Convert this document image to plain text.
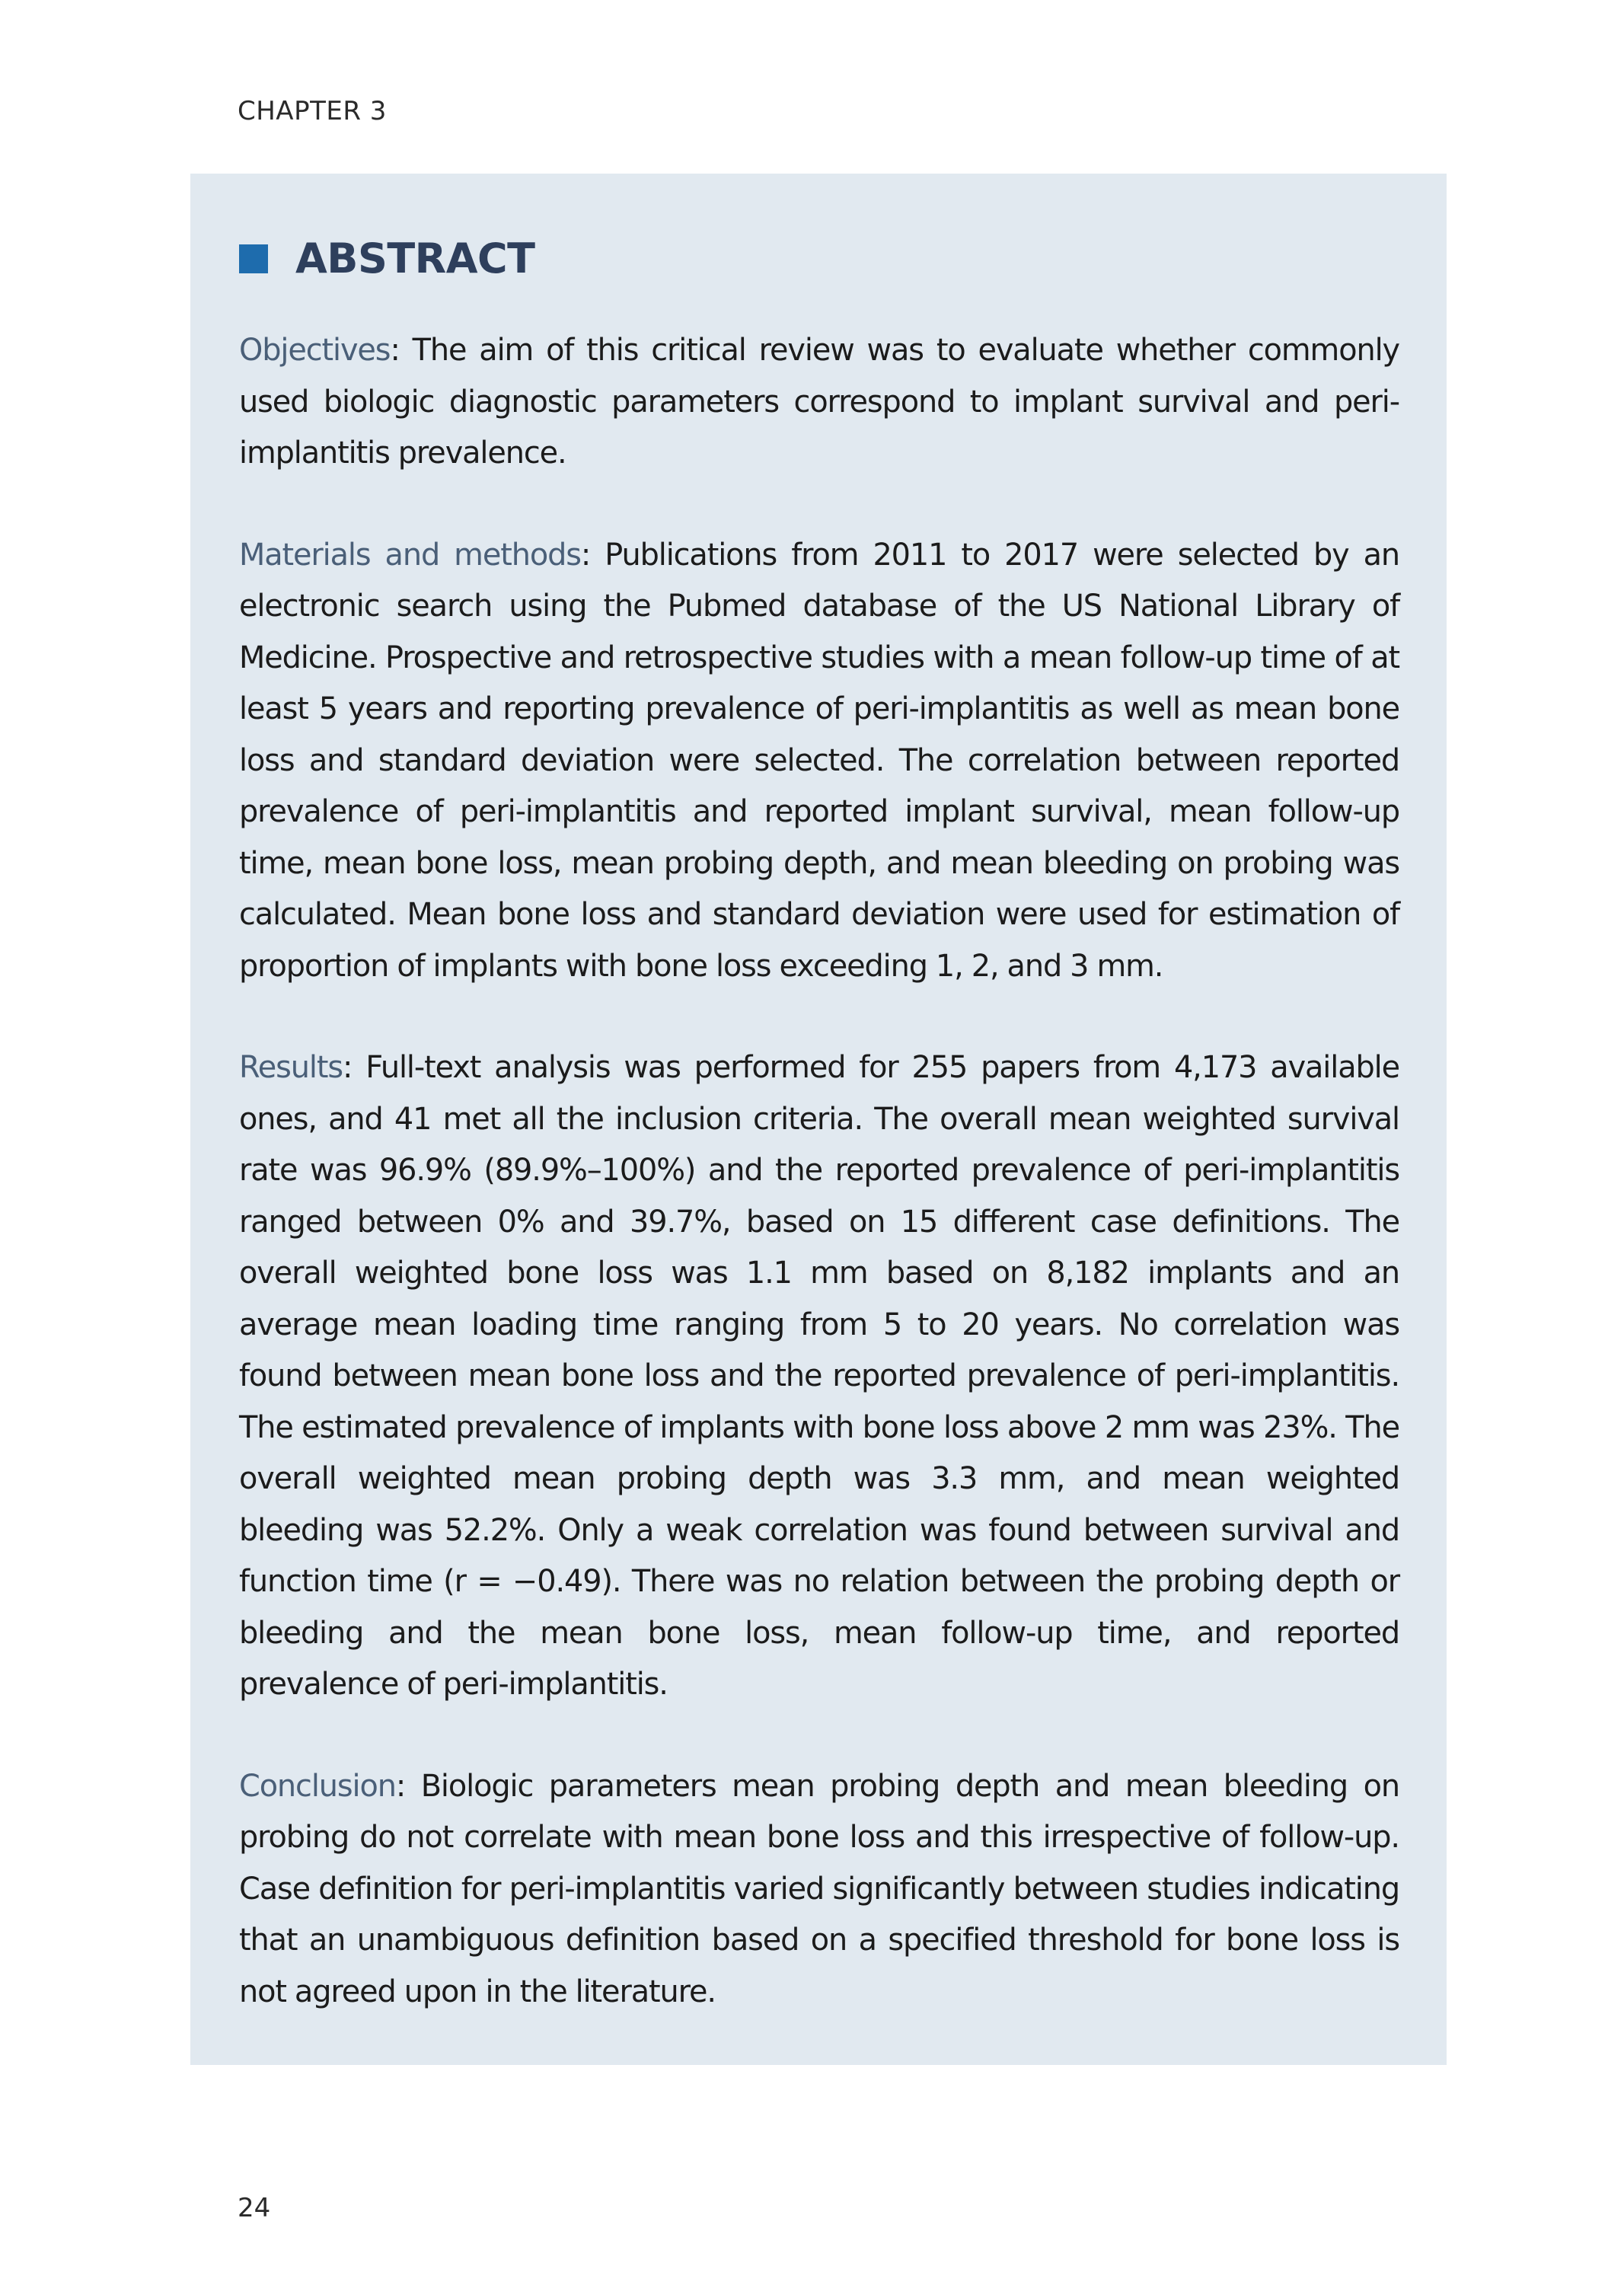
CHAPTER 3
ABSTRACT

Objectives: The aim of this critical review was to evaluate whether commonly used biologic diagnostic parameters correspond to implant survival and peri-implantitis prevalence.

Materials and methods: Publications from 2011 to 2017 were selected by an electronic search using the Pubmed database of the US National Library of Medicine. Prospective and retrospective studies with a mean follow-up time of at least 5 years and reporting prevalence of peri-implantitis as well as mean bone loss and standard deviation were selected. The correlation between reported prevalence of peri-implantitis and reported implant survival, mean follow-up time, mean bone loss, mean probing depth, and mean bleeding on probing was calculated. Mean bone loss and standard deviation were used for estimation of proportion of implants with bone loss exceeding 1, 2, and 3 mm.

Results: Full-text analysis was performed for 255 papers from 4,173 available ones, and 41 met all the inclusion criteria. The overall mean weighted survival rate was 96.9% (89.9%–100%) and the reported prevalence of peri-implantitis ranged between 0% and 39.7%, based on 15 different case definitions. The overall weighted bone loss was 1.1 mm based on 8,182 implants and an average mean loading time ranging from 5 to 20 years. No correlation was found between mean bone loss and the reported prevalence of peri-implantitis. The estimated prevalence of implants with bone loss above 2 mm was 23%. The overall weighted mean probing depth was 3.3 mm, and mean weighted bleeding was 52.2%. Only a weak correlation was found between survival and function time (r = −0.49). There was no relation between the probing depth or bleeding and the mean bone loss, mean follow-up time, and reported prevalence of peri-implantitis.

Conclusion: Biologic parameters mean probing depth and mean bleeding on probing do not correlate with mean bone loss and this irrespective of follow-up. Case definition for peri-implantitis varied significantly between studies indicating that an unambiguous definition based on a specified threshold for bone loss is not agreed upon in the literature.

24
